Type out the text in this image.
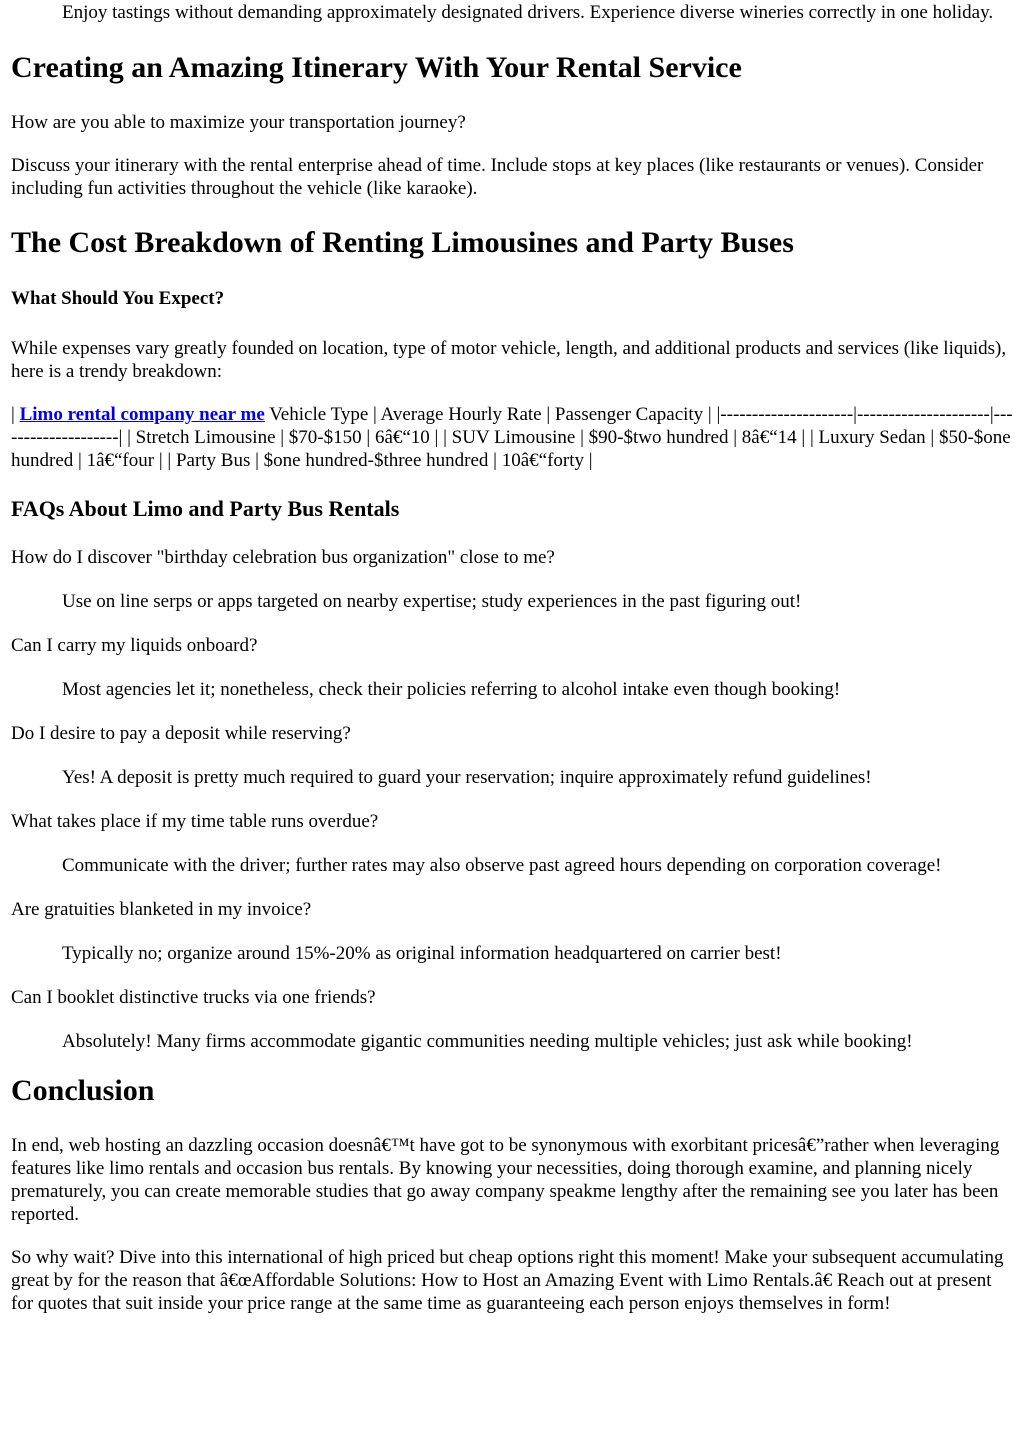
Enjoy tastings without demanding approximately designated drivers. Experience diverse wineries correctly in one holiday.

Creating an Amazing Itinerary With Your Rental Service

How are you able to maximize your transportation journey?

Discuss your itinerary with the rental enterprise ahead of time. Include stops at key places (like restaurants or venues). Consider including fun activities throughout the vehicle (like karaoke).

The Cost Breakdown of Renting Limousines and Party Buses
What Should You Expect?

While expenses vary greatly founded on location, type of motor vehicle, length, and additional products and services (like liquids), here is a trendy breakdown:

| Limo rental company near me Vehicle Type | Average Hourly Rate | Passenger Capacity | |---------------------|---------------------|--------------------| | Stretch Limousine | $70-$150 | 6â€“10 | | SUV Limousine | $90-$two hundred | 8â€“14 | | Luxury Sedan | $50-$one hundred | 1â€“four | | Party Bus | $one hundred-$three hundred | 10â€“forty |

FAQs About Limo and Party Bus Rentals

How do I discover "birthday celebration bus organization" close to me?

Use on line serps or apps targeted on nearby expertise; study experiences in the past figuring out!

Can I carry my liquids onboard?

Most agencies let it; nonetheless, check their policies referring to alcohol intake even though booking!

Do I desire to pay a deposit while reserving?

Yes! A deposit is pretty much required to guard your reservation; inquire approximately refund guidelines!

What takes place if my time table runs overdue?

Communicate with the driver; further rates may also observe past agreed hours depending on corporation coverage!

Are gratuities blanketed in my invoice?

Typically no; organize around 15%-20% as original information headquartered on carrier best!

Can I booklet distinctive trucks via one friends?

Absolutely! Many firms accommodate gigantic communities needing multiple vehicles; just ask while booking!

Conclusion

In end, web hosting an dazzling occasion doesnâ€™t have got to be synonymous with exorbitant pricesâ€”rather when leveraging features like limo rentals and occasion bus rentals. By knowing your necessities, doing thorough examine, and planning nicely prematurely, you can create memorable studies that go away company speakme lengthy after the remaining see you later has been reported.

So why wait? Dive into this international of high priced but cheap options right this moment! Make your subsequent accumulating great by for the reason that â€œAffordable Solutions: How to Host an Amazing Event with Limo Rentals.â€ Reach out at present for quotes that suit inside your price range at the same time as guaranteeing each person enjoys themselves in form!
